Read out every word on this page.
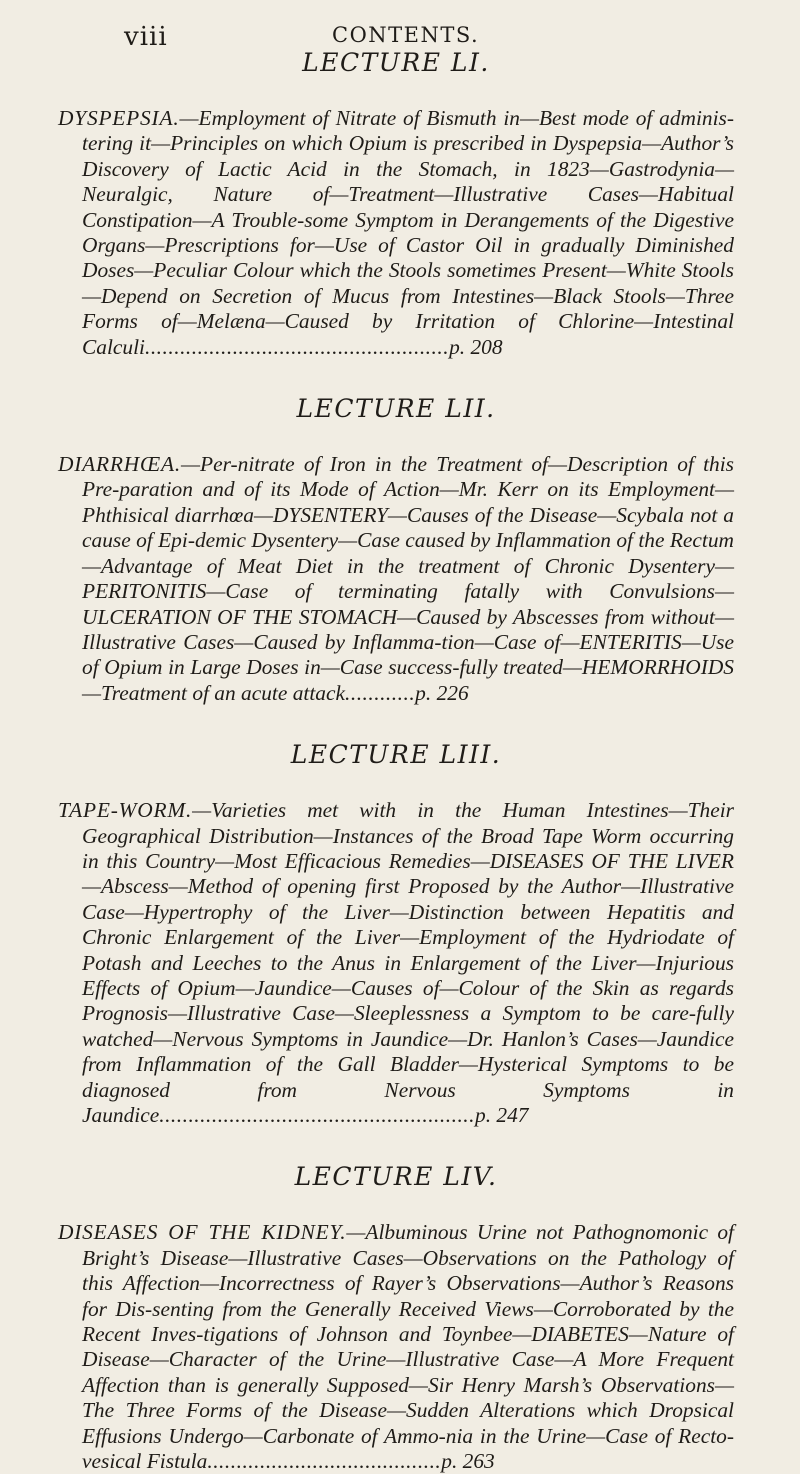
viii	CONTENTS.
LECTURE LI.

DYSPEPSIA.—Employment of Nitrate of Bismuth in—Best mode of adminis-tering it—Principles on which Opium is prescribed in Dyspepsia—Author’s Discovery of Lactic Acid in the Stomach, in 1823—Gastrodynia—Neuralgic, Nature of—Treatment—Illustrative Cases—Habitual Constipation—A Trouble-some Symptom in Derangements of the Digestive Organs—Prescriptions for—Use of Castor Oil in gradually Diminished Doses—Peculiar Colour which the Stools sometimes Present—White Stools—Depend on Secretion of Mucus from Intestines—Black Stools—Three Forms of—Melæna—Caused by Irritation of Chlorine—Intestinal Calculi....................................................p. 208

LECTURE LII.

DIARRHŒA.—Per-nitrate of Iron in the Treatment of—Description of this Pre-paration and of its Mode of Action—Mr. Kerr on its Employment—Phthisical diarrhœa—DYSENTERY—Causes of the Disease—Scybala not a cause of Epi-demic Dysentery—Case caused by Inflammation of the Rectum—Advantage of Meat Diet in the treatment of Chronic Dysentery—PERITONITIS—Case of terminating fatally with Convulsions—ULCERATION OF THE STOMACH—Caused by Abscesses from without—Illustrative Cases—Caused by Inflamma-tion—Case of—ENTERITIS—Use of Opium in Large Doses in—Case success-fully treated—HEMORRHOIDS—Treatment of an acute attack............p. 226

LECTURE LIII.

TAPE-WORM.—Varieties met with in the Human Intestines—Their Geographical Distribution—Instances of the Broad Tape Worm occurring in this Country—Most Efficacious Remedies—DISEASES OF THE LIVER—Abscess—Method of opening first Proposed by the Author—Illustrative Case—Hypertrophy of the Liver—Distinction between Hepatitis and Chronic Enlargement of the Liver—Employment of the Hydriodate of Potash and Leeches to the Anus in Enlargement of the Liver—Injurious Effects of Opium—Jaundice—Causes of—Colour of the Skin as regards Prognosis—Illustrative Case—Sleeplessness a Symptom to be care-fully watched—Nervous Symptoms in Jaundice—Dr. Hanlon’s Cases—Jaundice from Inflammation of the Gall Bladder—Hysterical Symptoms to be diagnosed from Nervous Symptoms in Jaundice......................................................p. 247

LECTURE LIV.

DISEASES OF THE KIDNEY.—Albuminous Urine not Pathognomonic of Bright’s Disease—Illustrative Cases—Observations on the Pathology of this Affection—Incorrectness of Rayer’s Observations—Author’s Reasons for Dis-senting from the Generally Received Views—Corroborated by the Recent Inves-tigations of Johnson and Toynbee—DIABETES—Nature of Disease—Character of the Urine—Illustrative Case—A More Frequent Affection than is generally Supposed—Sir Henry Marsh’s Observations—The Three Forms of the Disease—Sudden Alterations which Dropsical Effusions Undergo—Carbonate of Ammo-nia in the Urine—Case of Recto-vesical Fistula........................................p. 263
